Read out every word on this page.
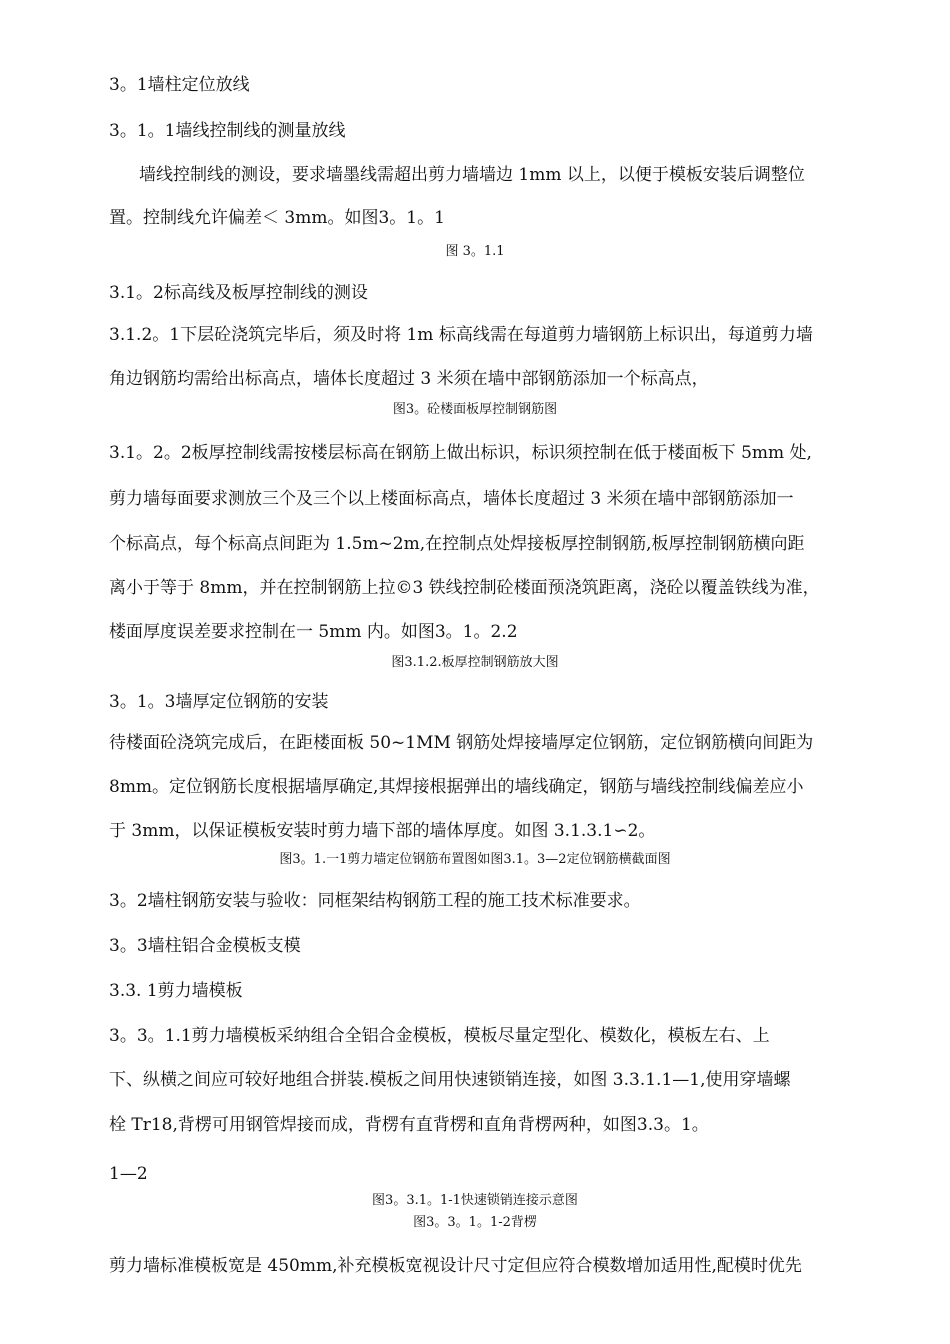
3。1墙柱定位放线
3。1。1墙线控制线的测量放线
墙线控制线的测设，要求墙墨线需超出剪力墙墙边 1mm 以上，以便于模板安装后调整位
置。控制线允许偏差＜ 3mm。如图3。1。1
图 3。1.1
3.1。2标高线及板厚控制线的测设
3.1.2。1下层砼浇筑完毕后，须及时将 1m 标高线需在每道剪力墙钢筋上标识出，每道剪力墙
角边钢筋均需给出标高点，墙体长度超过 3 米须在墙中部钢筋添加一个标高点，
图3。砼楼面板厚控制钢筋图
3.1。2。2板厚控制线需按楼层标高在钢筋上做出标识，标识须控制在低于楼面板下 5mm 处,
剪力墙每面要求测放三个及三个以上楼面标高点，墙体长度超过 3 米须在墙中部钢筋添加一
个标高点，每个标高点间距为 1.5m~2m,在控制点处焊接板厚控制钢筋,板厚控制钢筋横向距
离小于等于 8mm，并在控制钢筋上拉©3 铁线控制砼楼面预浇筑距离，浇砼以覆盖铁线为准，
楼面厚度误差要求控制在一 5mm 内。如图3。1。2.2
图3.1.2.板厚控制钢筋放大图
3。1。3墙厚定位钢筋的安装
待楼面砼浇筑完成后，在距楼面板 50~1MM 钢筋处焊接墙厚定位钢筋，定位钢筋横向间距为
8mm。定位钢筋长度根据墙厚确定,其焊接根据弹出的墙线确定，钢筋与墙线控制线偏差应小
于 3mm，以保证模板安装时剪力墙下部的墙体厚度。如图 3.1.3.1∽2。
图3。1.一1剪力墙定位钢筋布置图如图3.1。3—2定位钢筋横截面图
3。2墙柱钢筋安装与验收：同框架结构钢筋工程的施工技术标准要求。
3。3墙柱铝合金模板支模
3.3. 1剪力墙模板
3。3。1.1剪力墙模板采纳组合全铝合金模板，模板尽量定型化、模数化，模板左右、上
下、纵横之间应可较好地组合拼装.模板之间用快速锁销连接，如图 3.3.1.1—1,使用穿墙螺
栓 Tr18,背楞可用钢管焊接而成，背楞有直背楞和直角背楞两种，如图3.3。1。
1—2
图3。3.1。1-1快速锁销连接示意图
图3。3。1。1-2背楞
剪力墙标准模板宽是 450mm,补充模板宽视设计尺寸定但应符合模数增加适用性,配模时优先
